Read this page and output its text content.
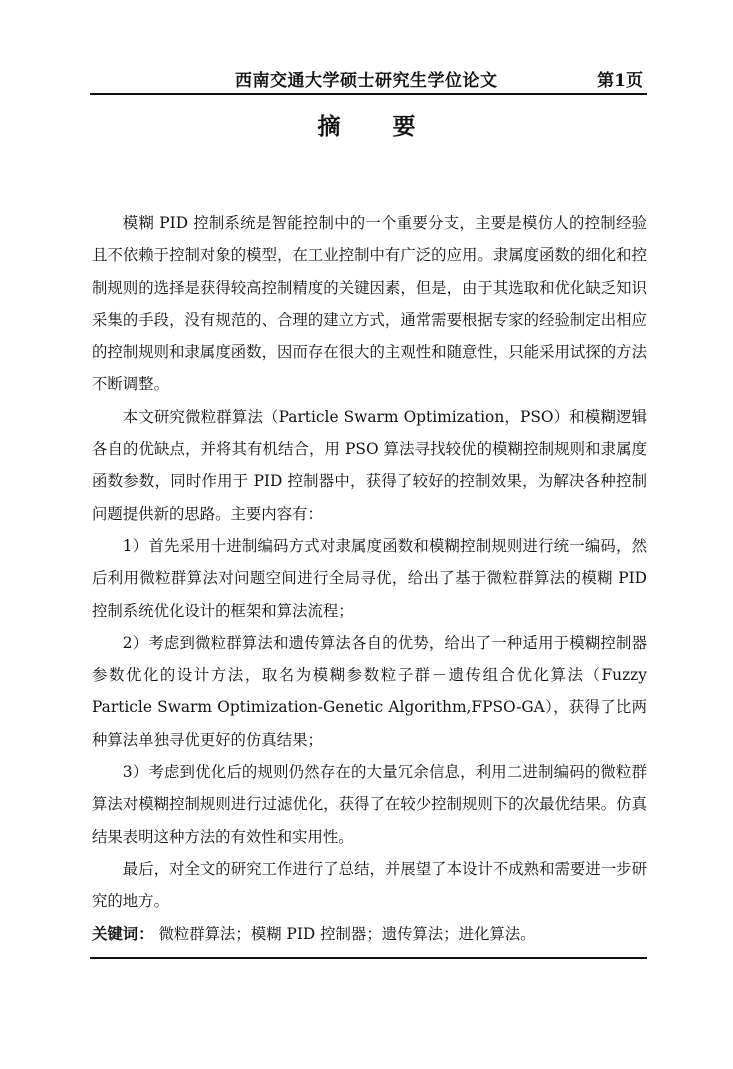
西南交通大学硕士研究生学位论文	第1页
摘 要

模糊 PID 控制系统是智能控制中的一个重要分支，主要是模仿人的控制经验且不依赖于控制对象的模型，在工业控制中有广泛的应用。隶属度函数的细化和控制规则的选择是获得较高控制精度的关键因素，但是，由于其选取和优化缺乏知识采集的手段，没有规范的、合理的建立方式，通常需要根据专家的经验制定出相应的控制规则和隶属度函数，因而存在很大的主观性和随意性，只能采用试探的方法不断调整。

本文研究微粒群算法（Particle Swarm Optimization，PSO）和模糊逻辑各自的优缺点，并将其有机结合，用 PSO 算法寻找较优的模糊控制规则和隶属度函数参数，同时作用于 PID 控制器中，获得了较好的控制效果，为解决各种控制问题提供新的思路。主要内容有：

1）首先采用十进制编码方式对隶属度函数和模糊控制规则进行统一编码，然后利用微粒群算法对问题空间进行全局寻优，给出了基于微粒群算法的模糊 PID 控制系统优化设计的框架和算法流程；

2）考虑到微粒群算法和遗传算法各自的优势，给出了一种适用于模糊控制器参数优化的设计方法，取名为模糊参数粒子群－遗传组合优化算法（Fuzzy Particle Swarm Optimization-Genetic Algorithm,FPSO-GA），获得了比两种算法单独寻优更好的仿真结果；

3）考虑到优化后的规则仍然存在的大量冗余信息，利用二进制编码的微粒群算法对模糊控制规则进行过滤优化，获得了在较少控制规则下的次最优结果。仿真结果表明这种方法的有效性和实用性。

最后，对全文的研究工作进行了总结，并展望了本设计不成熟和需要进一步研究的地方。

关键词： 微粒群算法；模糊 PID 控制器；遗传算法；进化算法。
